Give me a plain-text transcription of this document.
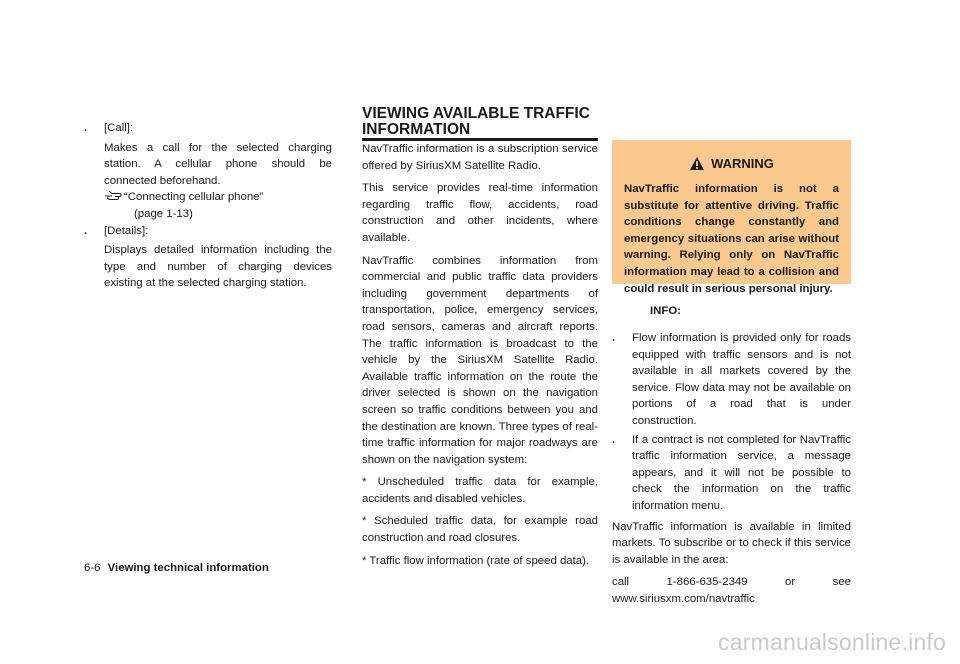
. [Call]:

Makes a call for the selected charging station. A cellular phone should be connected beforehand.

“Connecting cellular phone”
(page 1-13)
. [Details]:

Displays detailed information including the type and number of charging devices existing at the selected charging station.

VIEWING AVAILABLE TRAFFIC INFORMATION

NavTraffic information is a subscription service offered by SiriusXM Satellite Radio.

This service provides real-time information regarding traffic flow, accidents, road construction and other incidents, where available.

NavTraffic combines information from commercial and public traffic data providers including government departments of transportation, police, emergency services, road sensors, cameras and aircraft reports. The traffic information is broadcast to the vehicle by the SiriusXM Satellite Radio. Available traffic information on the route the driver selected is shown on the navigation screen so traffic conditions between you and the destination are known. Three types of real-time traffic information for major roadways are shown on the navigation system:

* Unscheduled traffic data for example, accidents and disabled vehicles.

* Scheduled traffic data, for example road construction and road closures.

* Traffic flow information (rate of speed data).

WARNING
NavTraffic information is not a substitute for attentive driving. Traffic conditions change constantly and emergency situations can arise without warning. Relying only on NavTraffic information may lead to a collision and could result in serious personal injury.
INFO:
. Flow information is provided only for roads equipped with traffic sensors and is not available in all markets covered by the service. Flow data may not be available on portions of a road that is under construction.
. If a contract is not completed for NavTraffic traffic information service, a message appears, and it will not be possible to check the information on the traffic information menu.

NavTraffic information is available in limited markets. To subscribe or to check if this service is available in the area:

call 1-866-635-2349 or see www.siriusxm.com/navtraffic

6-6 Viewing technical information
carmanualsonline.info
